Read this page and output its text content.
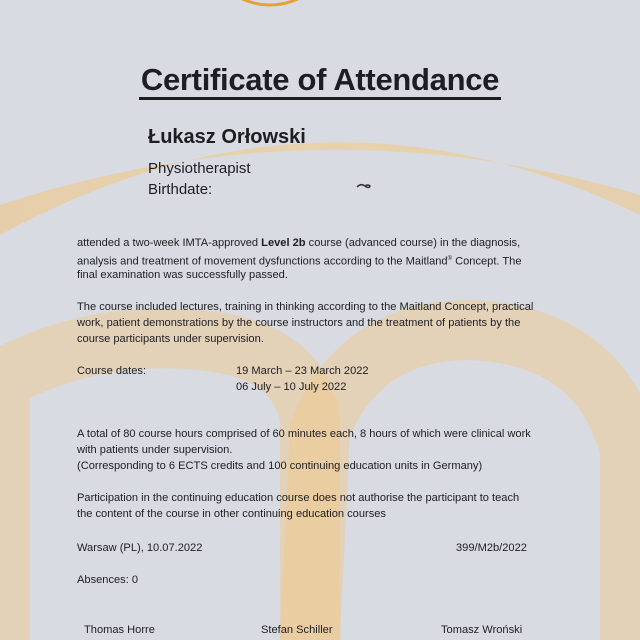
Certificate of Attendance
Łukasz Orłowski
Physiotherapist
Birthdate:
attended a two-week IMTA-approved Level 2b course (advanced course) in the diagnosis,
analysis and treatment of movement dysfunctions according to the Maitland® Concept. The
final examination was successfully passed.
The course included lectures, training in thinking according to the Maitland Concept, practical
work, patient demonstrations by the course instructors and the treatment of patients by the
course participants under supervision.
Course dates:	19 March – 23 March 2022
06 July – 10 July 2022
A total of 80 course hours comprised of 60 minutes each, 8 hours of which were clinical work
with patients under supervision.
(Corresponding to 6 ECTS credits and 100 continuing education units in Germany)
Participation in the continuing education course does not authorise the participant to teach
the content of the course in other continuing education courses
Warsaw (PL), 10.07.2022	399/M2b/2022
Absences: 0
Thomas Horre	Stefan Schiller	Tomasz Wroński
